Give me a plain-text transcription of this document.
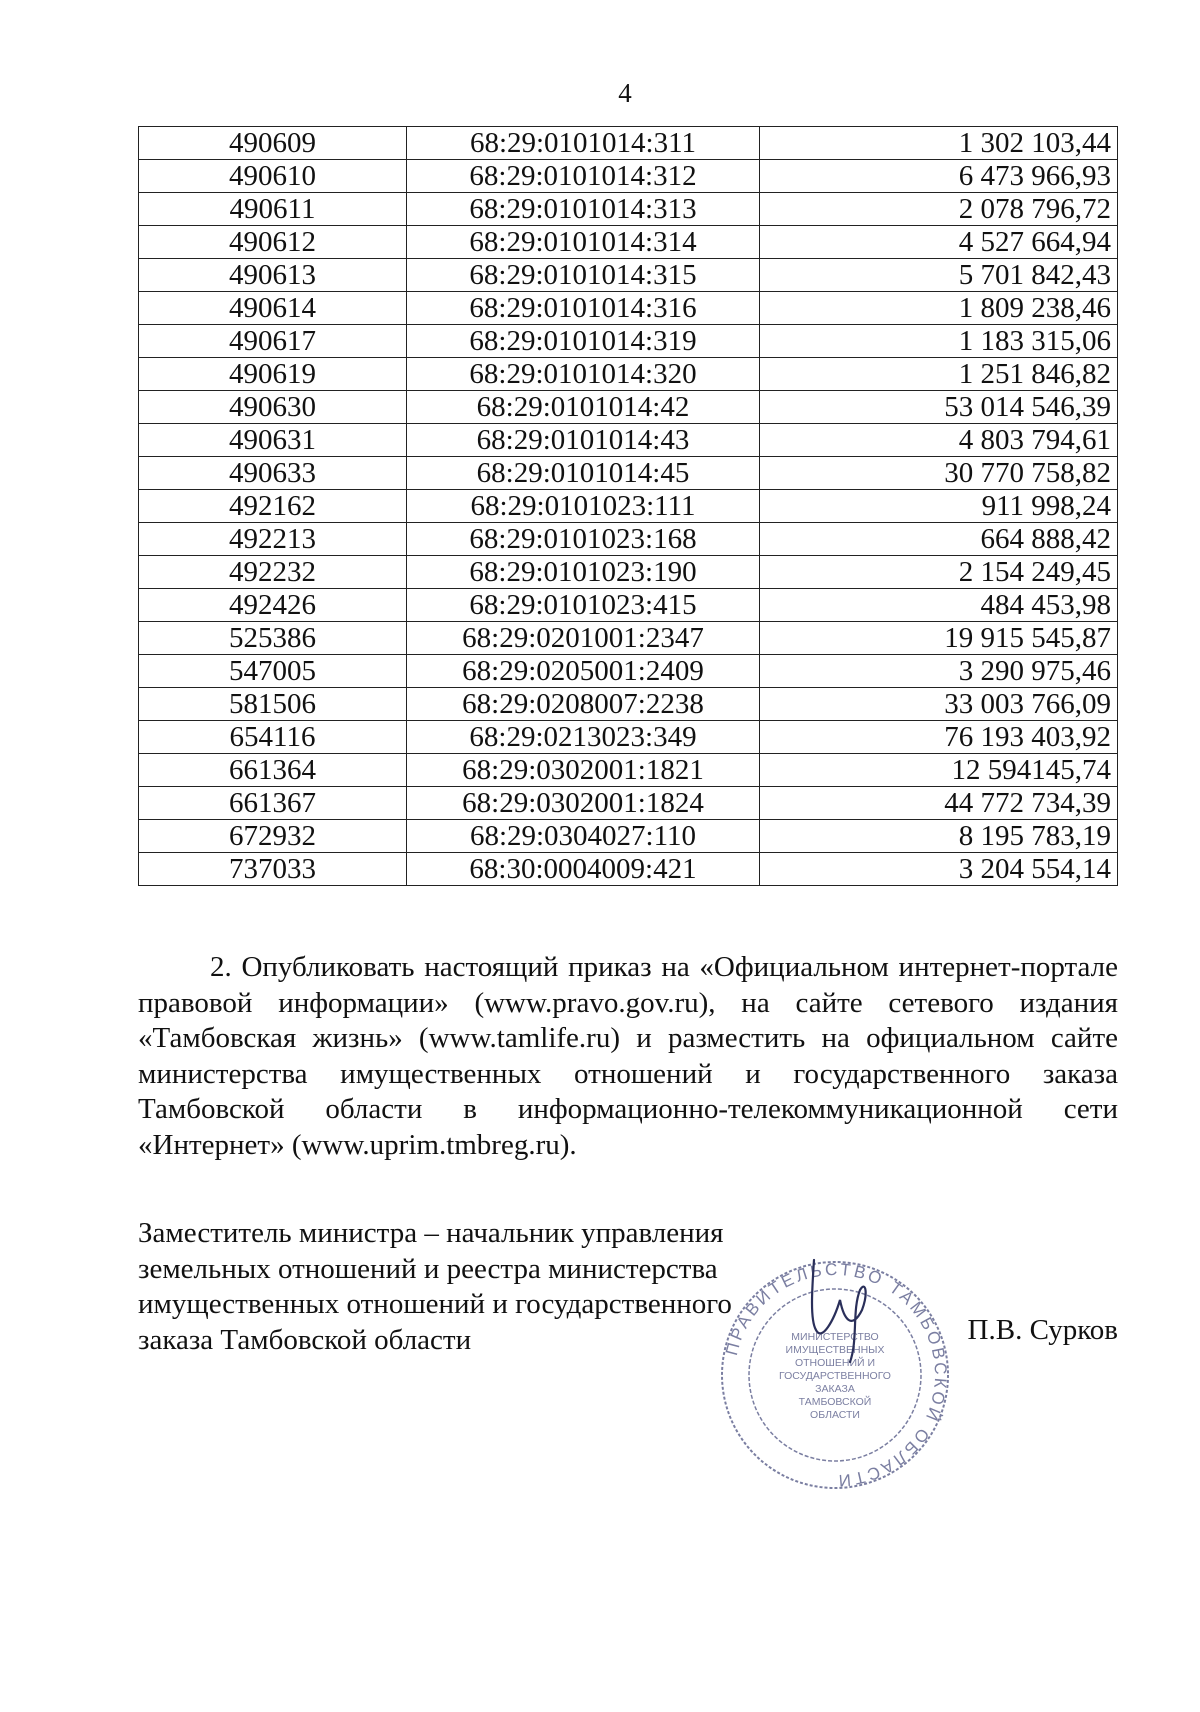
4
490609	68:29:0101014:311	1 302 103,44
490610	68:29:0101014:312	6 473 966,93
490611	68:29:0101014:313	2 078 796,72
490612	68:29:0101014:314	4 527 664,94
490613	68:29:0101014:315	5 701 842,43
490614	68:29:0101014:316	1 809 238,46
490617	68:29:0101014:319	1 183 315,06
490619	68:29:0101014:320	1 251 846,82
490630	68:29:0101014:42	53 014 546,39
490631	68:29:0101014:43	4 803 794,61
490633	68:29:0101014:45	30 770 758,82
492162	68:29:0101023:111	911 998,24
492213	68:29:0101023:168	664 888,42
492232	68:29:0101023:190	2 154 249,45
492426	68:29:0101023:415	484 453,98
525386	68:29:0201001:2347	19 915 545,87
547005	68:29:0205001:2409	3 290 975,46
581506	68:29:0208007:2238	33 003 766,09
654116	68:29:0213023:349	76 193 403,92
661364	68:29:0302001:1821	12 594145,74
661367	68:29:0302001:1824	44 772 734,39
672932	68:29:0304027:110	8 195 783,19
737033	68:30:0004009:421	3 204 554,14
2. Опубликовать настоящий приказ на «Официальном интернет-портале
правовой информации» (www.pravo.gov.ru), на сайте сетевого издания
«Тамбовская жизнь» (www.tamlife.ru) и разместить на официальном сайте
министерства имущественных отношений и государственного заказа
Тамбовской области в информационно-телекоммуникационной сети
«Интернет» (www.uprim.tmbreg.ru).
Заместитель министра – начальник управления
земельных отношений и реестра министерства
имущественных отношений и государственного
заказа Тамбовской области	П.В. Сурков
ПРАВИТЕЛЬСТВО ТАМБОВСКОЙ ОБЛАСТИ
МИНИСТЕРСТВО
ИМУЩЕСТВЕННЫХ
ОТНОШЕНИЙ И
ГОСУДАРСТВЕННОГО
ЗАКАЗА
ТАМБОВСКОЙ
ОБЛАСТИ
